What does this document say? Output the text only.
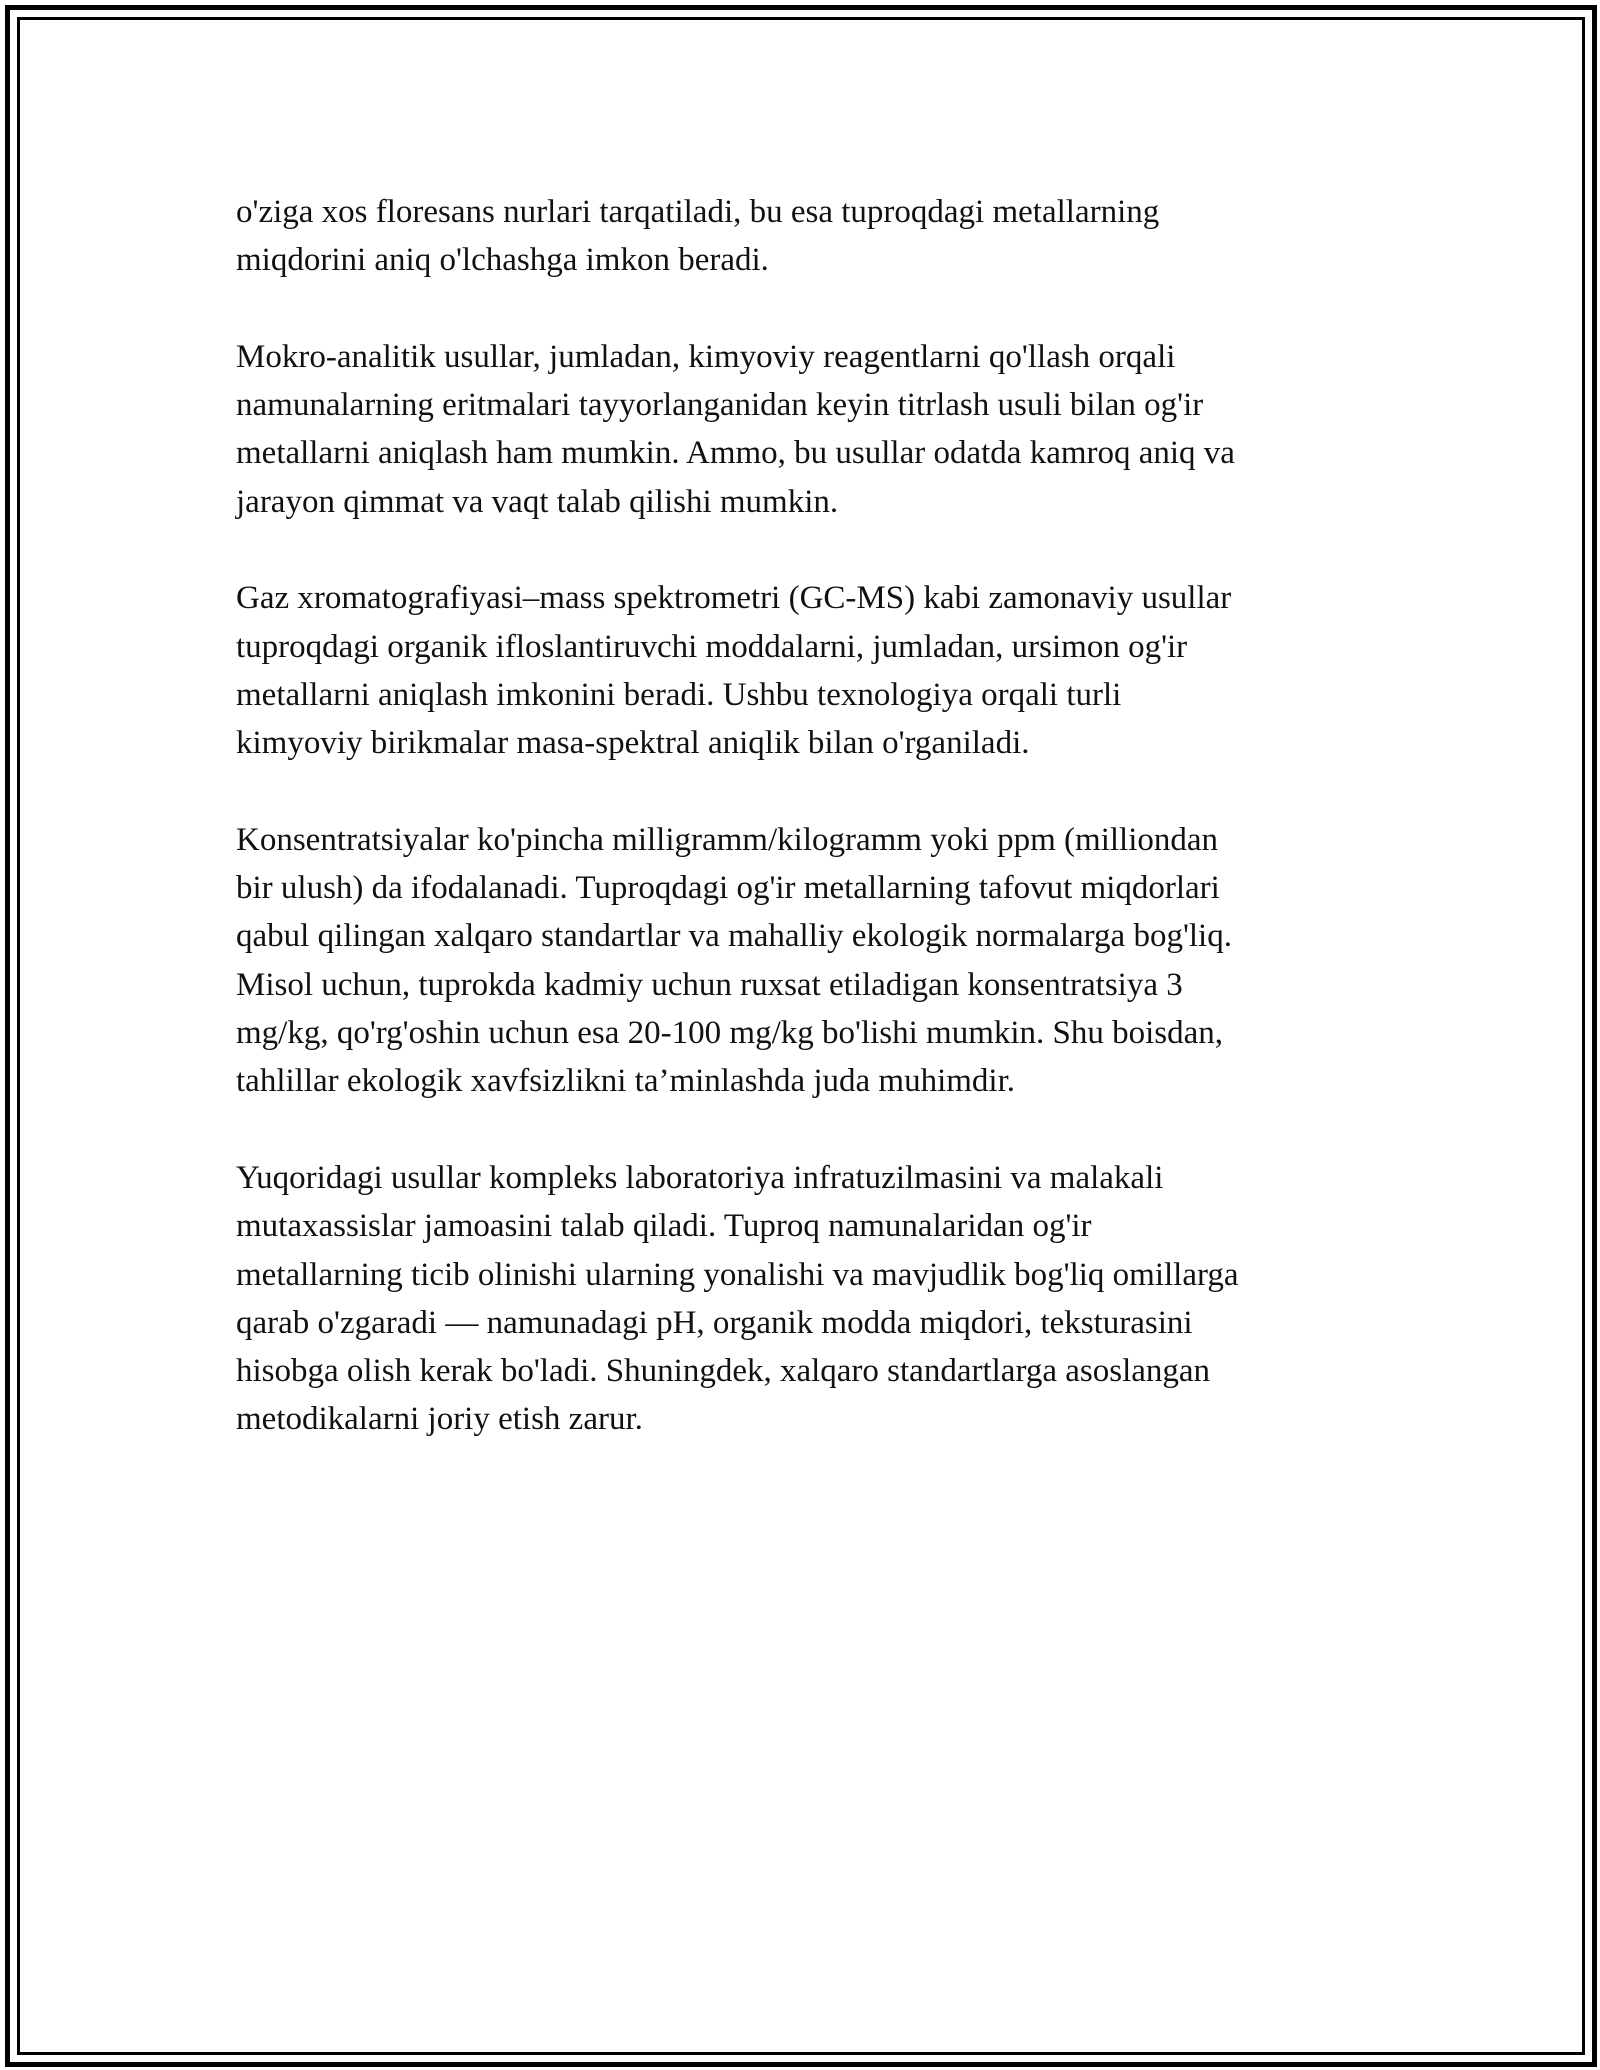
o'ziga xos floresans nurlari tarqatiladi, bu esa tuproqdagi metallarning
miqdorini aniq o'lchashga imkon beradi.

Mokro-analitik usullar, jumladan, kimyoviy reagentlarni qo'llash orqali
namunalarning eritmalari tayyorlanganidan keyin titrlash usuli bilan og'ir
metallarni aniqlash ham mumkin. Ammo, bu usullar odatda kamroq aniq va
jarayon qimmat va vaqt talab qilishi mumkin.

Gaz xromatografiyasi–mass spektrometri (GC-MS) kabi zamonaviy usullar
tuproqdagi organik ifloslantiruvchi moddalarni, jumladan, ursimon og'ir
metallarni aniqlash imkonini beradi. Ushbu texnologiya orqali turli
kimyoviy birikmalar masa-spektral aniqlik bilan o'rganiladi.

Konsentratsiyalar ko'pincha milligramm/kilogramm yoki ppm (milliondan
bir ulush) da ifodalanadi. Tuproqdagi og'ir metallarning tafovut miqdorlari
qabul qilingan xalqaro standartlar va mahalliy ekologik normalarga bog'liq.
Misol uchun, tuprokda kadmiy uchun ruxsat etiladigan konsentratsiya 3
mg/kg, qo'rg'oshin uchun esa 20-100 mg/kg bo'lishi mumkin. Shu boisdan,
tahlillar ekologik xavfsizlikni ta’minlashda juda muhimdir.

Yuqoridagi usullar kompleks laboratoriya infratuzilmasini va malakali
mutaxassislar jamoasini talab qiladi. Tuproq namunalaridan og'ir
metallarning ticib olinishi ularning yonalishi va mavjudlik bog'liq omillarga
qarab o'zgaradi — namunadagi pH, organik modda miqdori, teksturasini
hisobga olish kerak bo'ladi. Shuningdek, xalqaro standartlarga asoslangan
metodikalarni joriy etish zarur.
